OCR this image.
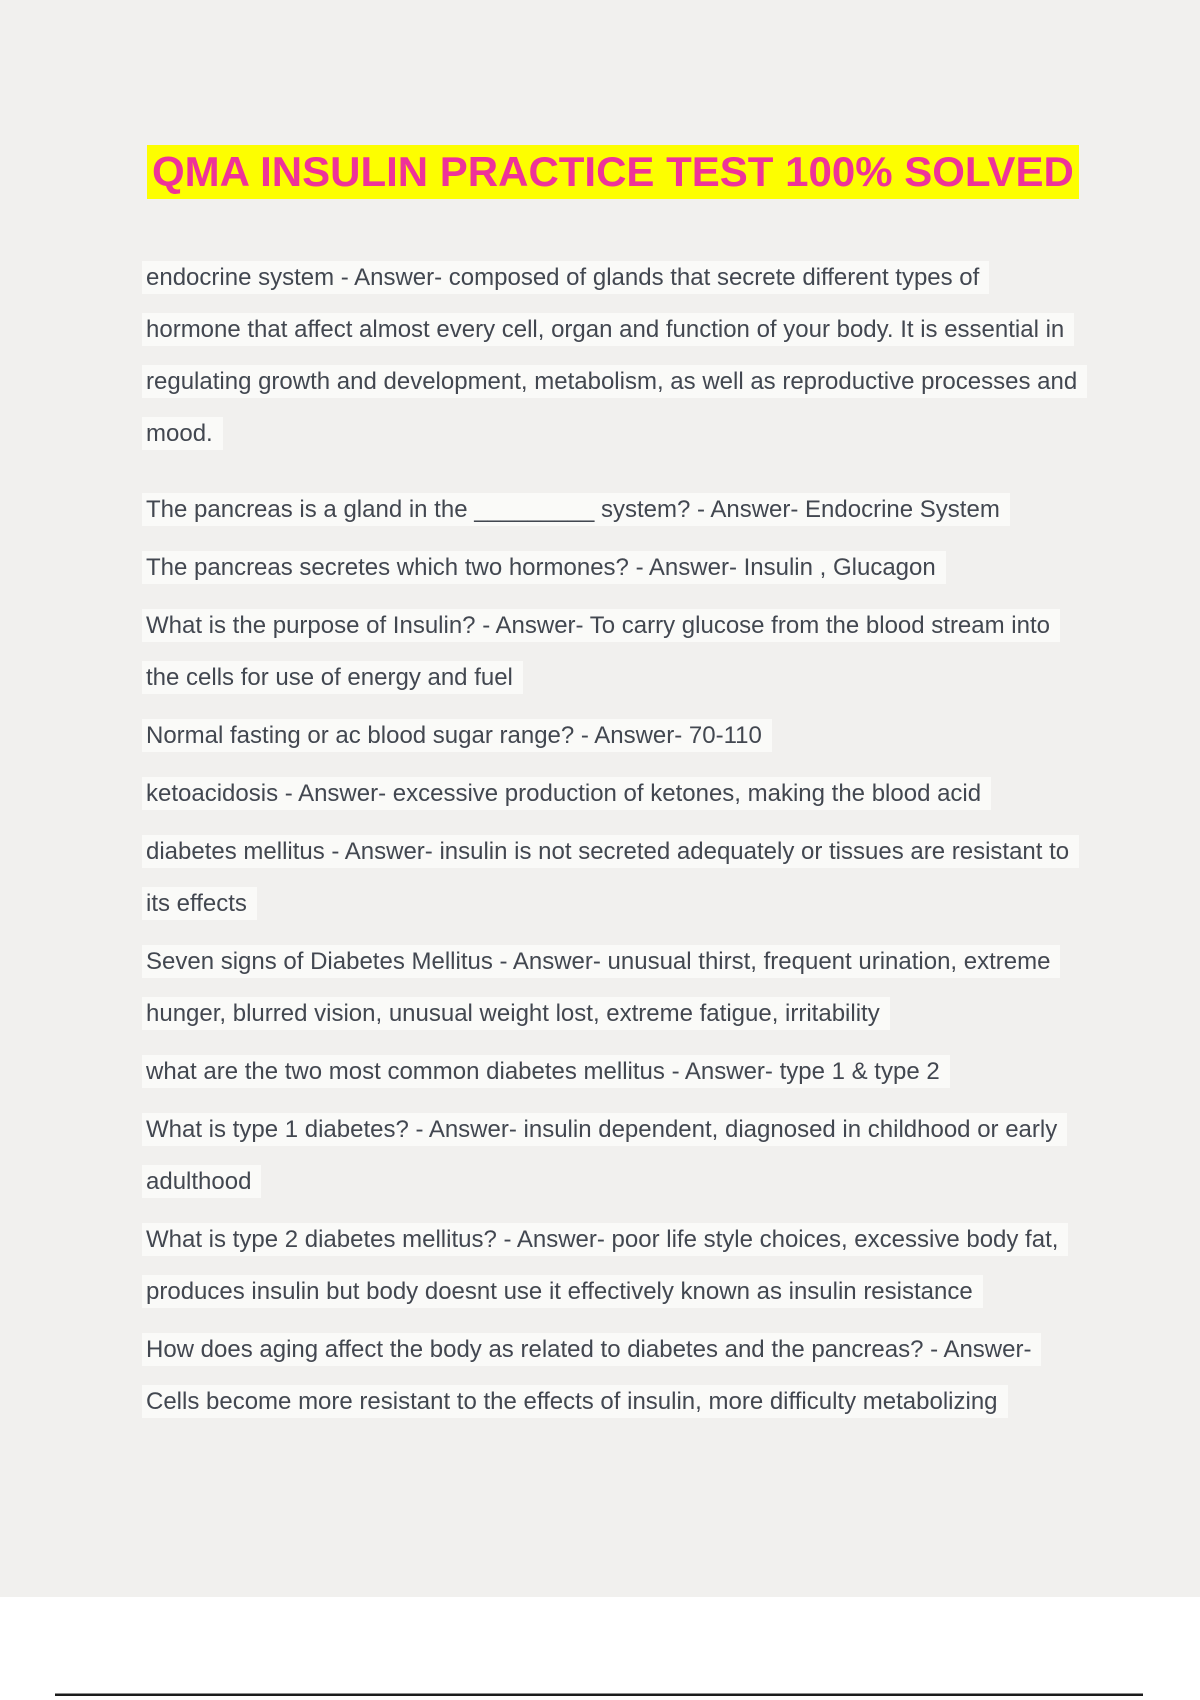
QMA INSULIN PRACTICE TEST 100% SOLVED
endocrine system - Answer- composed of glands that secrete different types of
hormone that affect almost every cell, organ and function of your body. It is essential in
regulating growth and development, metabolism, as well as reproductive processes and
mood.
The pancreas is a gland in the _________ system? - Answer- Endocrine System
The pancreas secretes which two hormones? - Answer- Insulin , Glucagon
What is the purpose of Insulin? - Answer- To carry glucose from the blood stream into
the cells for use of energy and fuel
Normal fasting or ac blood sugar range? - Answer- 70-110
ketoacidosis - Answer- excessive production of ketones, making the blood acid
diabetes mellitus - Answer- insulin is not secreted adequately or tissues are resistant to
its effects
Seven signs of Diabetes Mellitus - Answer- unusual thirst, frequent urination, extreme
hunger, blurred vision, unusual weight lost, extreme fatigue, irritability
what are the two most common diabetes mellitus - Answer- type 1 & type 2
What is type 1 diabetes? - Answer- insulin dependent, diagnosed in childhood or early
adulthood
What is type 2 diabetes mellitus? - Answer- poor life style choices, excessive body fat,
produces insulin but body doesnt use it effectively known as insulin resistance
How does aging affect the body as related to diabetes and the pancreas? - Answer-
Cells become more resistant to the effects of insulin, more difficulty metabolizing
